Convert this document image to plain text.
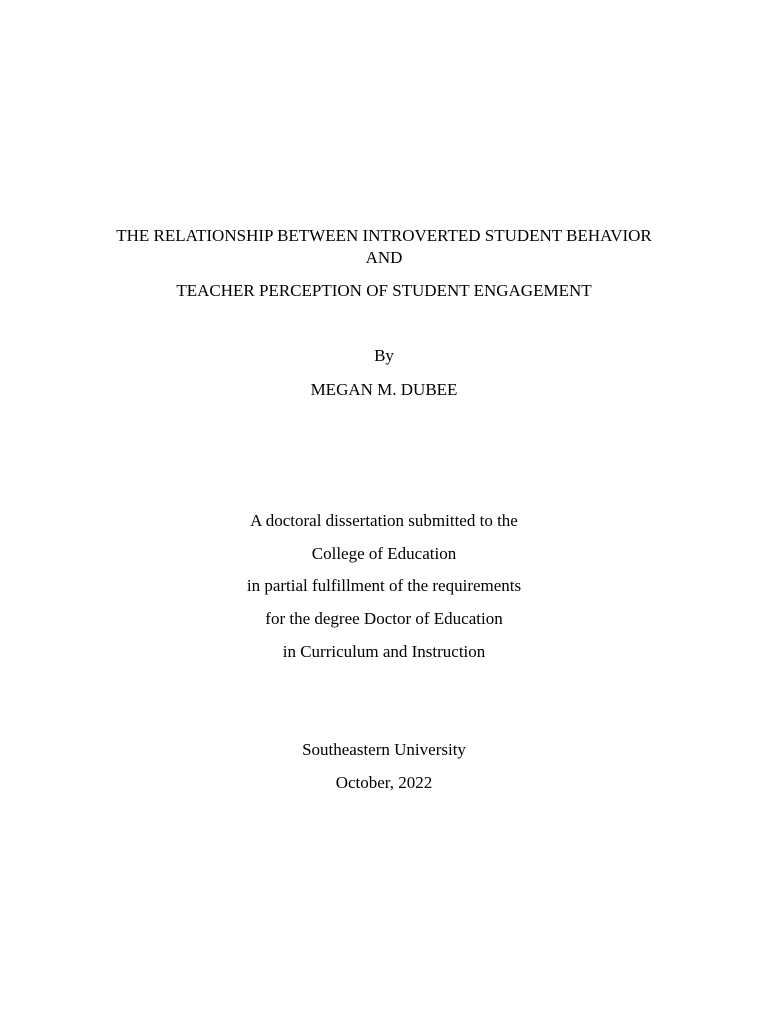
THE RELATIONSHIP BETWEEN INTROVERTED STUDENT BEHAVIOR
AND
TEACHER PERCEPTION OF STUDENT ENGAGEMENT
By
MEGAN M. DUBEE
A doctoral dissertation submitted to the
College of Education
in partial fulfillment of the requirements
for the degree Doctor of Education
in Curriculum and Instruction
Southeastern University
October, 2022
